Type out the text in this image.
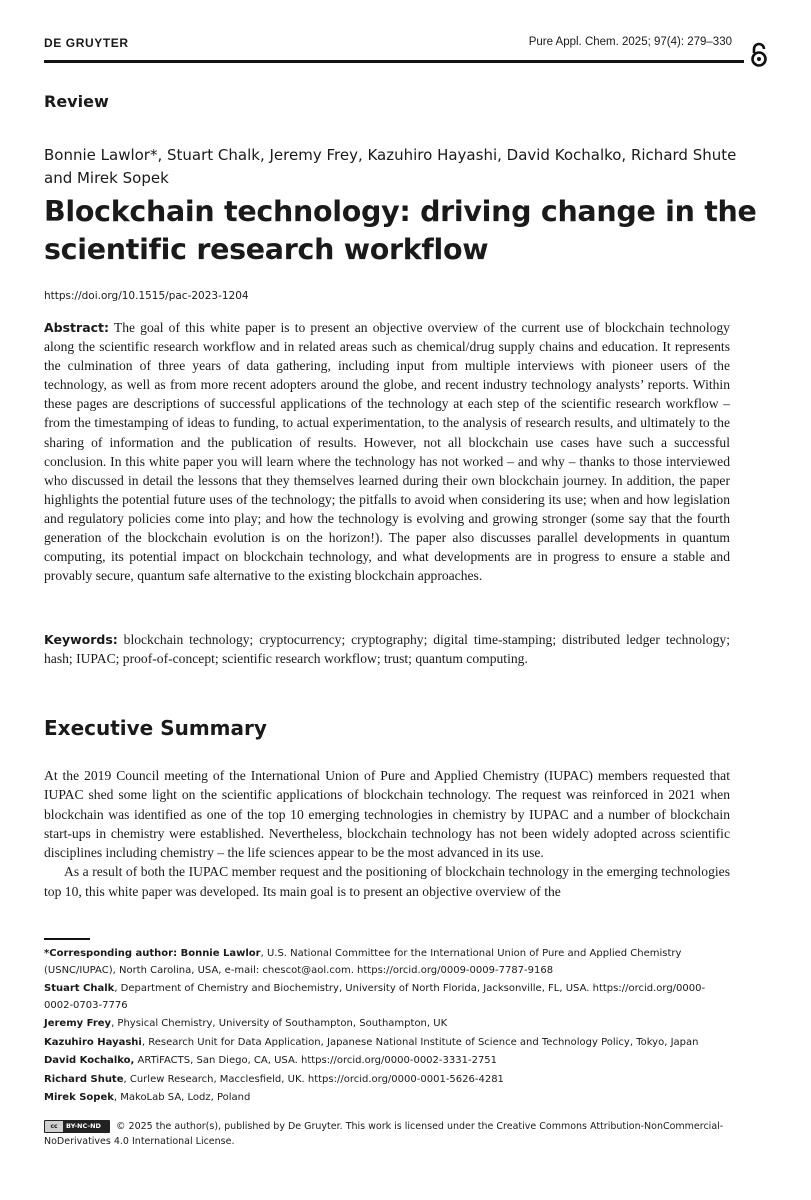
DE GRUYTER	Pure Appl. Chem. 2025; 97(4): 279–330
Review
Bonnie Lawlor*, Stuart Chalk, Jeremy Frey, Kazuhiro Hayashi, David Kochalko, Richard Shute and Mirek Sopek
Blockchain technology: driving change in the scientific research workflow
https://doi.org/10.1515/pac-2023-1204
Abstract: The goal of this white paper is to present an objective overview of the current use of blockchain technology along the scientific research workflow and in related areas such as chemical/drug supply chains and education. It represents the culmination of three years of data gathering, including input from multiple interviews with pioneer users of the technology, as well as from more recent adopters around the globe, and recent industry technology analysts’ reports. Within these pages are descriptions of successful applications of the technology at each step of the scientific research workflow – from the timestamping of ideas to funding, to actual experimentation, to the analysis of research results, and ultimately to the sharing of information and the publication of results. However, not all blockchain use cases have such a successful conclusion. In this white paper you will learn where the technology has not worked – and why – thanks to those interviewed who discussed in detail the lessons that they themselves learned during their own blockchain journey. In addition, the paper highlights the potential future uses of the technology; the pitfalls to avoid when considering its use; when and how legislation and regulatory policies come into play; and how the technology is evolving and growing stronger (some say that the fourth generation of the blockchain evolution is on the horizon!). The paper also discusses parallel developments in quantum computing, its potential impact on blockchain technology, and what developments are in progress to ensure a stable and provably secure, quantum safe alternative to the existing blockchain approaches.
Keywords: blockchain technology; cryptocurrency; cryptography; digital time-stamping; distributed ledger technology; hash; IUPAC; proof-of-concept; scientific research workflow; trust; quantum computing.
Executive Summary

At the 2019 Council meeting of the International Union of Pure and Applied Chemistry (IUPAC) members requested that IUPAC shed some light on the scientific applications of blockchain technology. The request was reinforced in 2021 when blockchain was identified as one of the top 10 emerging technologies in chemistry by IUPAC and a number of blockchain start-ups in chemistry were established. Nevertheless, blockchain technology has not been widely adopted across scientific disciplines including chemistry – the life sciences appear to be the most advanced in its use.

As a result of both the IUPAC member request and the positioning of blockchain technology in the emerging technologies top 10, this white paper was developed. Its main goal is to present an objective overview of the

*Corresponding author: Bonnie Lawlor, U.S. National Committee for the International Union of Pure and Applied Chemistry (USNC/IUPAC), North Carolina, USA, e-mail: chescot@aol.com. https://orcid.org/0009-0009-7787-9168
Stuart Chalk, Department of Chemistry and Biochemistry, University of North Florida, Jacksonville, FL, USA. https://orcid.org/0000-0002-0703-7776
Jeremy Frey, Physical Chemistry, University of Southampton, Southampton, UK
Kazuhiro Hayashi, Research Unit for Data Application, Japanese National Institute of Science and Technology Policy, Tokyo, Japan
David Kochalko, ARTiFACTS, San Diego, CA, USA. https://orcid.org/0000-0002-3331-2751
Richard Shute, Curlew Research, Macclesfield, UK. https://orcid.org/0000-0001-5626-4281
Mirek Sopek, MakoLab SA, Lodz, Poland
cc BY-NC-ND © 2025 the author(s), published by De Gruyter. This work is licensed under the Creative Commons Attribution-NonCommercial-NoDerivatives 4.0 International License.
